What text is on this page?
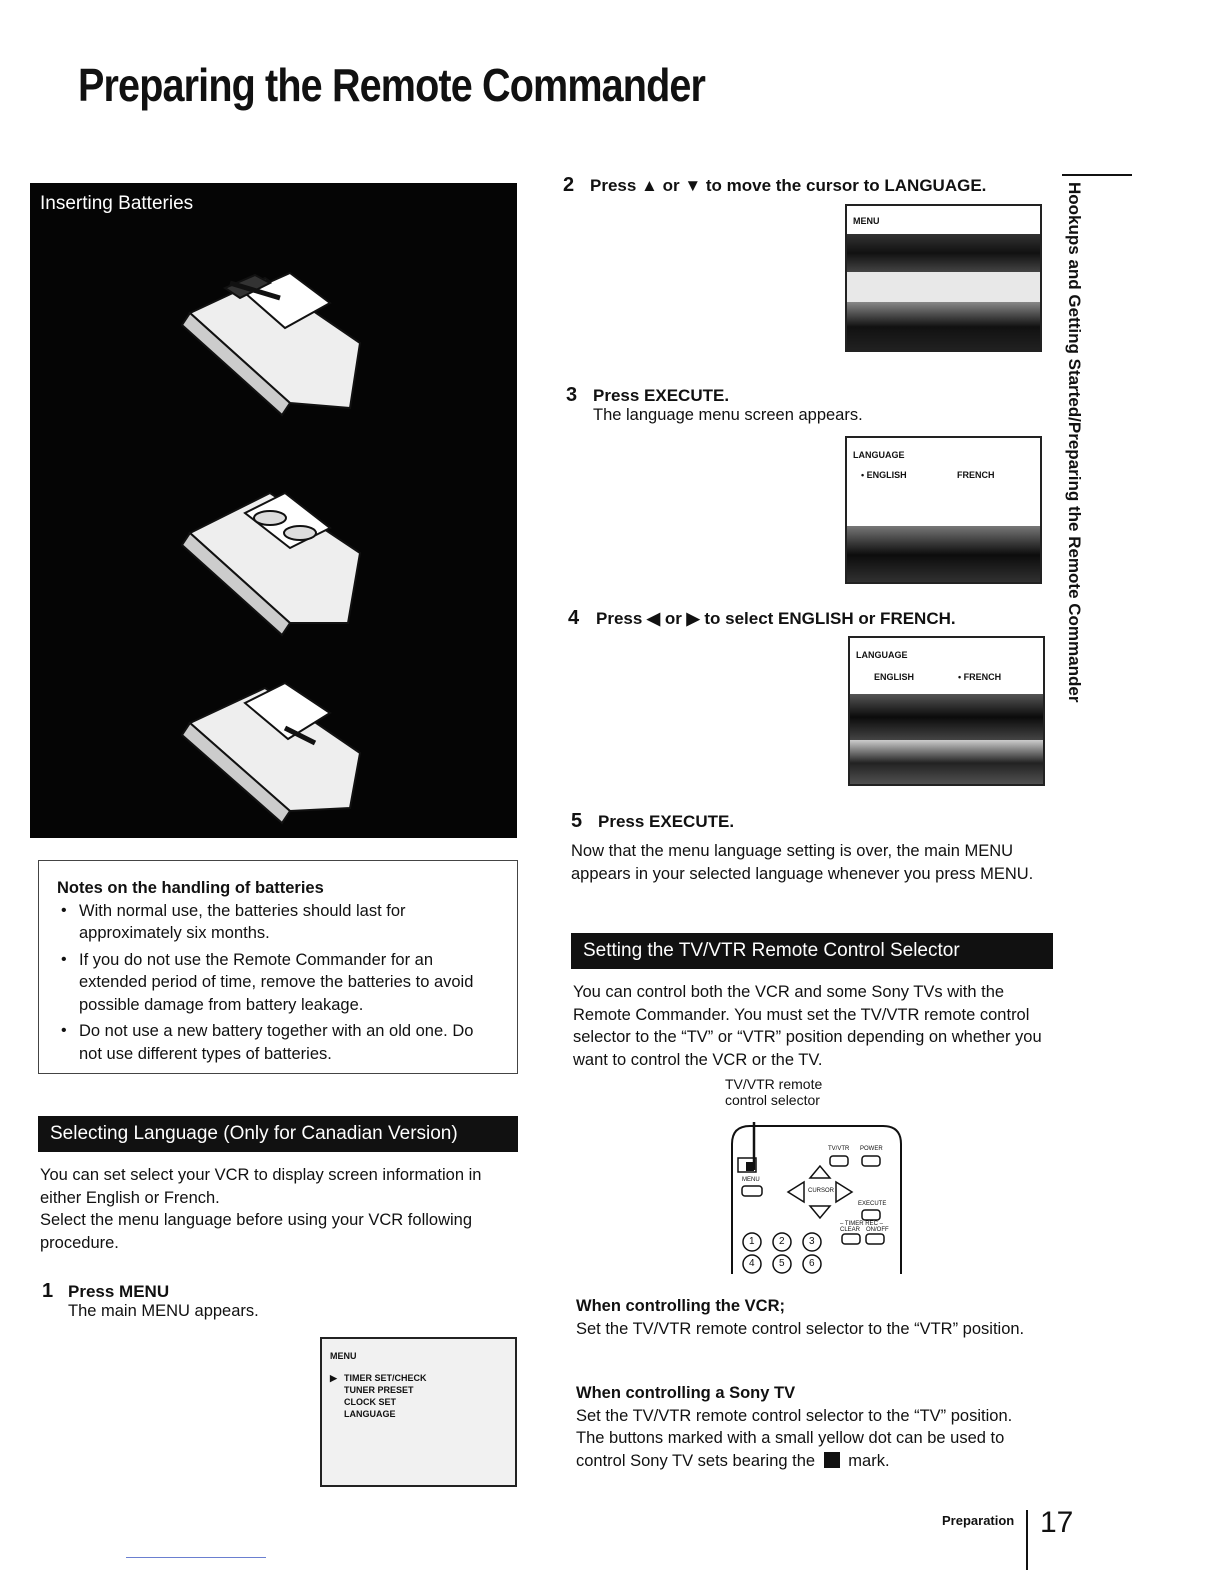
Preparing the Remote Commander
Hookups and Getting Started/Preparing the Remote Commander
Inserting Batteries
Notes on the handling of batteries
• With normal use, the batteries should last for approximately six months.
• If you do not use the Remote Commander for an extended period of time, remove the batteries to avoid possible damage from battery leakage.
• Do not use a new battery together with an old one. Do not use different types of batteries.
Selecting Language (Only for Canadian Version)
You can set select your VCR to display screen information in either English or French.
Select the menu language before using your VCR following procedure.
1 Press MENU
The main MENU appears.
MENU
▶ TIMER SET/CHECK
TUNER PRESET
CLOCK SET
LANGUAGE
2 Press ▲ or ▼ to move the cursor to LANGUAGE.
MENU
3 Press EXECUTE.
The language menu screen appears.
LANGUAGE
• ENGLISH	FRENCH
4 Press ◀ or ▶ to select ENGLISH or FRENCH.
LANGUAGE
ENGLISH	• FRENCH
5 Press EXECUTE.
Now that the menu language setting is over, the main MENU appears in your selected language whenever you press MENU.
Setting the TV/VTR Remote Control Selector
You can control both the VCR and some Sony TVs with the Remote Commander. You must set the TV/VTR remote control selector to the “TV” or “VTR” position depending on whether you want to control the VCR or the TV.
TV/VTR remote
control selector
TV/VTR POWER
MENU
CURSOR
EXECUTE
– TIMER REC –
CLEAR ON/OFF
1 2 3
4 5 6
When controlling the VCR;
Set the TV/VTR remote control selector to the “VTR” position.
When controlling a Sony TV
Set the TV/VTR remote control selector to the “TV” position.
The buttons marked with a small yellow dot can be used to control Sony TV sets bearing the mark.
Preparation 17
